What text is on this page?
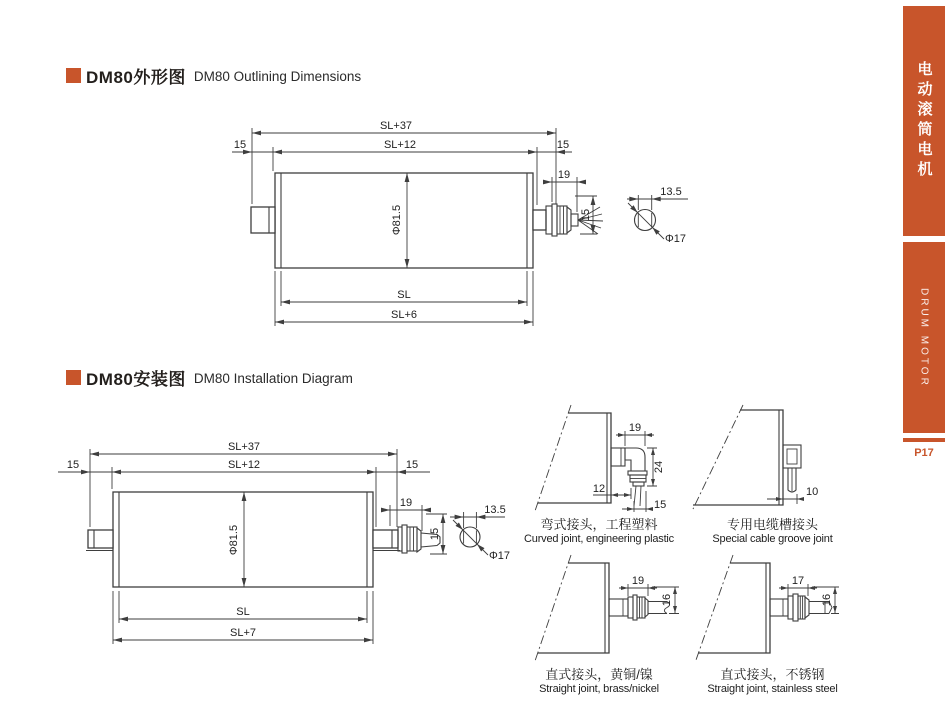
DM80外形图 DM80 Outlining Dimensions
SL+37
SL+12
15	15
19
15
Φ81.5
13.5
Φ17
SL
SL+6
DM80安装图 DM80 Installation Diagram
SL+37
SL+12
15	15
19
15
Φ81.5
13.5
Φ17
SL
SL+7
19
24
12
15
弯式接头，工程塑料
Curved joint, engineering plastic
10
专用电缆槽接头
Special cable groove joint
19
16
直式接头，黄铜/镍
Straight joint, brass/nickel
17
16
直式接头，不锈钢
Straight joint, stainless steel
电动滚筒电机
DRUM MOTOR
P17
